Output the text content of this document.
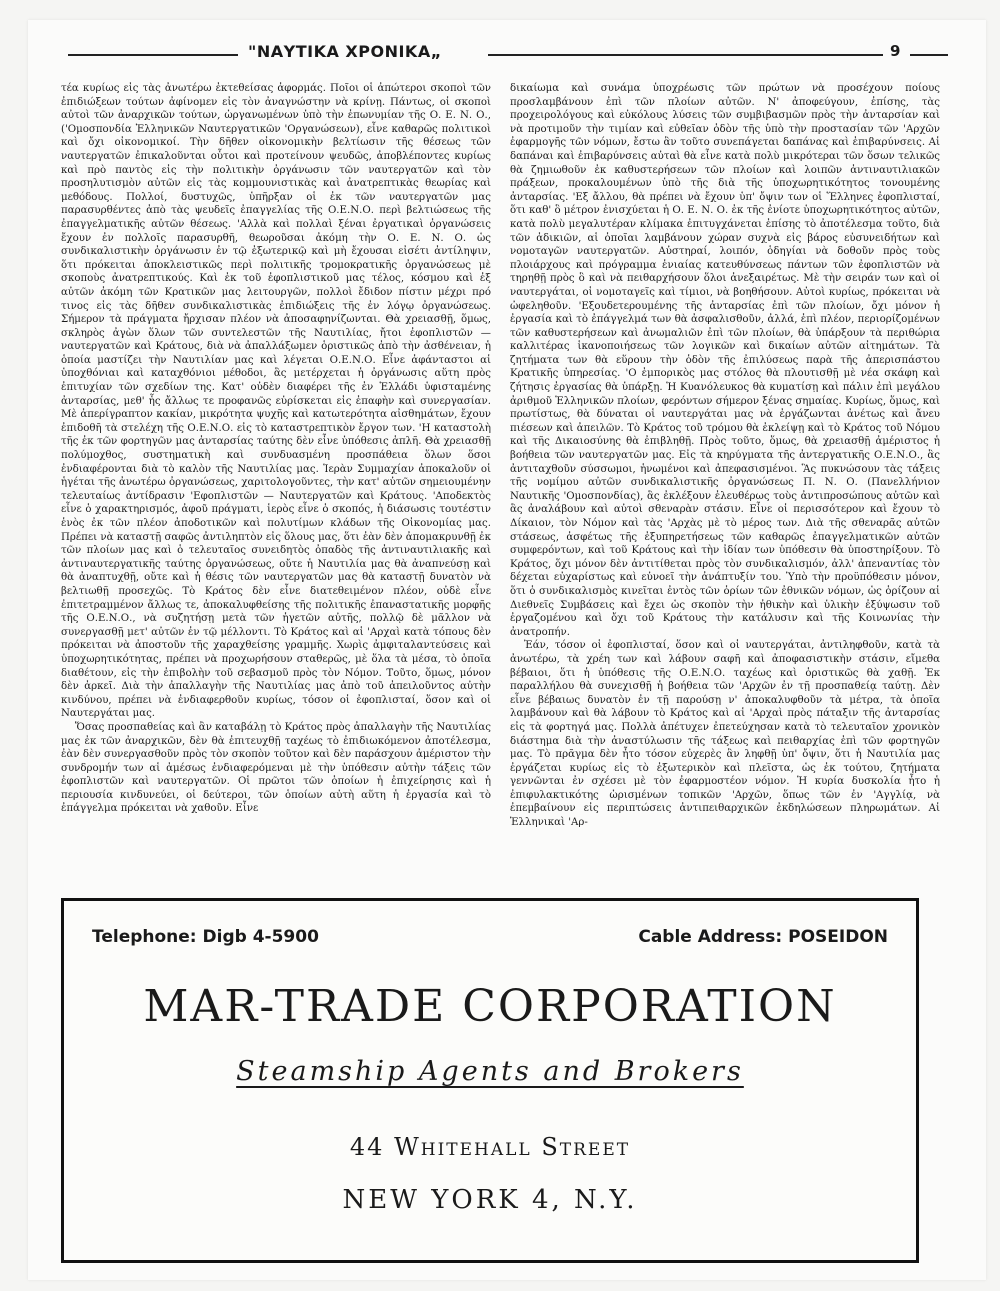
"ΝΑΥΤΙΚΑ ΧΡΟΝΙΚΑ„	9

τέα κυρίως εἰς τὰς ἀνωτέρω ἐκτεθείσας ἀφορμάς. Ποῖοι οἱ ἀπώτεροι σκοποὶ τῶν ἐπιδιώξεων τούτων ἀφίνομεν εἰς τὸν ἀναγνώστην νὰ κρίνῃ. Πάντως, οἱ σκοποὶ αὐτοὶ τῶν ἀναρχικῶν τούτων, ὠργανωμένων ὑπὸ τὴν ἐπωνυμίαν τῆς Ο. Ε. Ν. Ο., ('Ομοσπονδία Ἑλληνικῶν Ναυτεργατικῶν 'Οργανώσεων), εἶνε καθαρῶς πολιτικοὶ καὶ ὄχι οἰκονομικοί. Τὴν δῆθεν οἰκονομικὴν βελτίωσιν τῆς θέσεως τῶν ναυτεργατῶν ἐπικαλοῦνται οὗτοι καὶ προτείνουν ψευδῶς, ἀποβλέποντες κυρίως καὶ πρὸ παντὸς εἰς τὴν πολιτικὴν ὀργάνωσιν τῶν ναυτεργατῶν καὶ τὸν προσηλυτισμὸν αὐτῶν εἰς τὰς κομμουνιστικὰς καὶ ἀνατρεπτικὰς θεωρίας καὶ μεθόδους. Πολλοί, δυστυχῶς, ὑπῆρξαν οἱ ἐκ τῶν ναυτεργατῶν μας παρασυρθέντες ἀπὸ τὰς ψευδεῖς ἐπαγγελίας τῆς Ο.Ε.Ν.Ο. περὶ βελτιώσεως τῆς ἐπαγγελματικῆς αὐτῶν θέσεως. 'Αλλὰ καὶ πολλαὶ ξέναι ἐργατικαὶ ὀργανώσεις ἔχουν ἐν πολλοῖς παρασυρθῆ, θεωροῦσαι ἀκόμη τὴν Ο. Ε. Ν. Ο. ὡς συνδικαλιστικὴν ὀργάνωσιν ἐν τῷ ἐξωτερικῷ καὶ μὴ ἔχουσαι εἰσέτι ἀντίληψιν, ὅτι πρόκειται ἀποκλειστικῶς περὶ πολιτικῆς τρομοκρατικῆς ὀργανώσεως μὲ σκοποὺς ἀνατρεπτικούς. Καὶ ἐκ τοῦ ἐφοπλιστικοῦ μας τέλος, κόσμου καὶ ἐξ αὐτῶν ἀκόμη τῶν Κρατικῶν μας λειτουργῶν, πολλοὶ ἔδιδον πίστιν μέχρι πρό τινος εἰς τὰς δῆθεν συνδικαλιστικὰς ἐπιδιώξεις τῆς ἐν λόγῳ ὀργανώσεως. Σήμερον τὰ πράγματα ἤρχισαν πλέον νὰ ἀποσαφηνίζωνται. Θὰ χρειασθῇ, ὅμως, σκληρὸς ἀγὼν ὅλων τῶν συντελεστῶν τῆς Ναυτιλίας, ἤτοι ἐφοπλιστῶν — ναυτεργατῶν καὶ Κράτους, διὰ νὰ ἀπαλλάξωμεν ὁριστικῶς ἀπὸ τὴν ἀσθένειαν, ἡ ὁποία μαστίζει τὴν Ναυτιλίαν μας καὶ λέγεται Ο.Ε.Ν.Ο. Εἶνε ἀφάνταστοι αἱ ὑποχθόνιαι καὶ καταχθόνιοι μέθοδοι, ἃς μετέρχεται ἡ ὀργάνωσις αὕτη πρὸς ἐπιτυχίαν τῶν σχεδίων της. Κατ' οὐδὲν διαφέρει τῆς ἐν Ἑλλάδι ὑφισταμένης ἀνταρσίας, μεθ' ἧς ἄλλως τε προφανῶς εὑρίσκεται εἰς ἐπαφὴν καὶ συνεργασίαν. Μὲ ἀπερίγραπτον κακίαν, μικρότητα ψυχῆς καὶ κατωτερότητα αἰσθημάτων, ἔχουν ἐπιδοθῆ τὰ στελέχη τῆς Ο.Ε.Ν.Ο. εἰς τὸ καταστρεπτικὸν ἔργον των. 'Η καταστολὴ τῆς ἐκ τῶν φορτηγῶν μας ἀνταρσίας ταύτης δὲν εἶνε ὑπόθεσις ἁπλῆ. Θὰ χρειασθῇ πολύμοχθος, συστηματικὴ καὶ συνδυασμένη προσπάθεια ὅλων ὅσοι ἐνδιαφέρονται διὰ τὸ καλὸν τῆς Ναυτιλίας μας. Ἱερὰν Συμμαχίαν ἀποκαλοῦν οἱ ἡγέται τῆς ἀνωτέρω ὀργανώσεως, χαριτολογοῦντες, τὴν κατ' αὐτῶν σημειουμένην τελευταίως ἀντίδρασιν 'Εφοπλιστῶν — Ναυτεργατῶν καὶ Κράτους. 'Αποδεκτὸς εἶνε ὁ χαρακτηρισμός, ἀφοῦ πράγματι, ἱερὸς εἶνε ὁ σκοπός, ἡ διάσωσις τουτέστιν ἑνὸς ἐκ τῶν πλέον ἀποδοτικῶν καὶ πολυτίμων κλάδων τῆς Οἰκονομίας μας. Πρέπει νὰ καταστῇ σαφῶς ἀντιληπτὸν εἰς ὅλους μας, ὅτι ἐὰν δὲν ἀπομακρυνθῇ ἐκ τῶν πλοίων μας καὶ ὁ τελευταῖος συνειδητὸς ὀπαδὸς τῆς ἀντιναυτιλιακῆς καὶ ἀντιναυτεργατικῆς ταύτης ὀργανώσεως, οὔτε ἡ Ναυτιλία μας θὰ ἀναπνεύσῃ καὶ θὰ ἀναπτυχθῇ, οὔτε καὶ ἡ θέσις τῶν ναυτεργατῶν μας θὰ καταστῇ δυνατὸν νὰ βελτιωθῇ προσεχῶς. Τὸ Κράτος δὲν εἶνε διατεθειμένον πλέον, οὐδὲ εἶνε ἐπιτετραμμένον ἄλλως τε, ἀποκαλυφθείσης τῆς πολιτικῆς ἐπαναστατικῆς μορφῆς τῆς Ο.Ε.Ν.Ο., νὰ συζητήσῃ μετὰ τῶν ἡγετῶν αὐτῆς, πολλῷ δὲ μᾶλλον νὰ συνεργασθῇ μετ' αὐτῶν ἐν τῷ μέλλοντι. Τὸ Κράτος καὶ αἱ 'Αρχαὶ κατὰ τόπους δὲν πρόκειται νὰ ἀποστοῦν τῆς χαραχθείσης γραμμῆς. Χωρὶς ἀμφιταλαντεύσεις καὶ ὑποχωρητικότητας, πρέπει νὰ προχωρήσουν σταθερῶς, μὲ ὅλα τὰ μέσα, τὸ ὁποῖα διαθέτουν, εἰς τὴν ἐπιβολὴν τοῦ σεβασμοῦ πρὸς τὸν Νόμον. Τοῦτο, ὅμως, μόνον δὲν ἀρκεῖ. Διὰ τὴν ἀπαλλαγὴν τῆς Ναυτιλίας μας ἀπὸ τοῦ ἀπειλοῦντος αὐτὴν κινδύνου, πρέπει νὰ ἐνδιαφερθοῦν κυρίως, τόσον οἱ ἐφοπλισταί, ὅσον καὶ οἱ Ναυτεργάται μας.

Ὅσας προσπαθείας καὶ ἂν καταβάλῃ τὸ Κράτος πρὸς ἀπαλλαγὴν τῆς Ναυτιλίας μας ἐκ τῶν ἀναρχικῶν, δὲν θὰ ἐπιτευχθῇ ταχέως τὸ ἐπιδιωκόμενον ἀποτέλεσμα, ἐὰν δὲν συνεργασθοῦν πρὸς τὸν σκοπὸν τοῦτον καὶ δὲν παράσχουν ἀμέριστον τὴν συνδρομήν των αἱ ἀμέσως ἐνδιαφερόμεναι μὲ τὴν ὑπόθεσιν αὐτὴν τάξεις τῶν ἐφοπλιστῶν καὶ ναυτεργατῶν. Οἱ πρῶτοι τῶν ὁποίων ἡ ἐπιχείρησις καὶ ἡ περιουσία κινδυνεύει, οἱ δεύτεροι, τῶν ὁποίων αὐτὴ αὕτη ἡ ἐργασία καὶ τὸ ἐπάγγελμα πρόκειται νὰ χαθοῦν. Εἶνε

δικαίωμα καὶ συνάμα ὑποχρέωσις τῶν πρώτων νὰ προσέχουν ποίους προσλαμβάνουν ἐπὶ τῶν πλοίων αὐτῶν. Ν' ἀποφεύγουν, ἐπίσης, τὰς προχειρολόγους καὶ εὐκόλους λύσεις τῶν συμβιβασμῶν πρὸς τὴν ἀνταρσίαν καὶ νὰ προτιμοῦν τὴν τιμίαν καὶ εὐθεῖαν ὁδὸν τῆς ὑπὸ τὴν προστασίαν τῶν 'Αρχῶν ἐφαρμογῆς τῶν νόμων, ἔστω ἂν τοῦτο συνεπάγεται δαπάνας καὶ ἐπιβαρύνσεις. Αἱ δαπάναι καὶ ἐπιβαρύνσεις αὐταὶ θὰ εἶνε κατὰ πολὺ μικρότεραι τῶν ὅσων τελικῶς θὰ ζημιωθοῦν ἐκ καθυστερήσεων τῶν πλοίων καὶ λοιπῶν ἀντιναυτιλιακῶν πράξεων, προκαλουμένων ὑπὸ τῆς διὰ τῆς ὑποχωρητικότητος τονουμένης ἀνταρσίας. 'Εξ ἄλλου, θὰ πρέπει νὰ ἔχουν ὑπ' ὄψιν των οἱ Ἕλληνες ἐφοπλισταί, ὅτι καθ' ὃ μέτρον ἐνισχύεται ἡ Ο. Ε. Ν. Ο. ἐκ τῆς ἐνίοτε ὑποχωρητικότητος αὐτῶν, κατὰ πολὺ μεγαλυτέραν κλίμακα ἐπιτυγχάνεται ἐπίσης τὸ ἀποτέλεσμα τοῦτο, διὰ τῶν ἀδικιῶν, αἱ ὁποῖαι λαμβάνουν χώραν συχνὰ εἰς βάρος εὐσυνειδήτων καὶ νομοταγῶν ναυτεργατῶν. Αὐστηραί, λοιπόν, ὁδηγίαι νὰ δοθοῦν πρὸς τοὺς πλοιάρχους καὶ πρόγραμμα ἑνιαίας κατευθύνσεως πάντων τῶν ἐφοπλιστῶν νὰ τηρηθῇ πρὸς ὃ καὶ νὰ πειθαρχήσουν ὅλοι ἀνεξαιρέτως. Μὲ τὴν σειράν των καὶ οἱ ναυτεργάται, οἱ νομοταγεῖς καὶ τίμιοι, νὰ βοηθήσουν. Αὐτοὶ κυρίως, πρόκειται νὰ ὠφεληθοῦν. 'Εξουδετερουμένης τῆς ἀνταρσίας ἐπὶ τῶν πλοίων, ὄχι μόνον ἡ ἐργασία καὶ τὸ ἐπάγγελμά των θὰ ἀσφαλισθοῦν, ἀλλά, ἐπὶ πλέον, περιορίζομένων τῶν καθυστερήσεων καὶ ἀνωμαλιῶν ἐπὶ τῶν πλοίων, θὰ ὑπάρξουν τὰ περιθώρια καλλιτέρας ἱκανοποιήσεως τῶν λογικῶν καὶ δικαίων αὐτῶν αἰτημάτων. Τὰ ζητήματα των θὰ εὕρουν τὴν ὁδὸν τῆς ἐπιλύσεως παρὰ τῆς ἀπερισπάστου Κρατικῆς ὑπηρεσίας. 'Ο ἐμπορικὸς μας στόλος θὰ πλουτισθῇ μὲ νέα σκάφη καὶ ζήτησις ἐργασίας θὰ ὑπάρξῃ. Ἡ Κυανόλευκος θὰ κυματίσῃ καὶ πάλιν ἐπὶ μεγάλου ἀριθμοῦ Ἑλληνικῶν πλοίων, φερόντων σήμερον ξένας σημαίας. Κυρίως, ὅμως, καὶ πρωτίστως, θὰ δύναται οἱ ναυτεργάται μας νὰ ἐργάζωνται ἀνέτως καὶ ἄνευ πιέσεων καὶ ἀπειλῶν. Τὸ Κράτος τοῦ τρόμου θὰ ἐκλείψῃ καὶ τὸ Κράτος τοῦ Νόμου καὶ τῆς Δικαιοσύνης θὰ ἐπιβληθῇ. Πρὸς τοῦτο, ὅμως, θὰ χρειασθῇ ἀμέριστος ἡ βοήθεια τῶν ναυτεργατῶν μας. Εἰς τὰ κηρύγματα τῆς ἀντεργατικῆς Ο.Ε.Ν.Ο., ἃς ἀντιταχθοῦν σύσσωμοι, ἡνωμένοι καὶ ἀπεφασισμένοι. Ἃς πυκνώσουν τὰς τάξεις τῆς νομίμου αὐτῶν συνδικαλιστικῆς ὀργανώσεως Π. Ν. Ο. (Πανελλήνιον Ναυτικῆς 'Ομοσπονδίας), ἃς ἐκλέξουν ἐλευθέρως τοὺς ἀντιπροσώπους αὐτῶν καὶ ἃς ἀναλάβουν καὶ αὐτοὶ σθεναρὰν στάσιν. Εἶνε οἱ περισσότερον καὶ ἔχουν τὸ Δίκαιον, τὸν Νόμον καὶ τὰς 'Αρχὰς μὲ τὸ μέρος των. Διὰ τῆς σθεναρᾶς αὐτῶν στάσεως, ἀσφέτως τῆς ἐξυπηρετήσεως τῶν καθαρῶς ἐπαγγελματικῶν αὐτῶν συμφερόντων, καὶ τοῦ Κράτους καὶ τὴν ἰδίαν των ὑπόθεσιν θὰ ὑποστηρίξουν. Τὸ Κράτος, ὅχι μόνον δὲν ἀντιτίθεται πρὸς τὸν συνδικαλισμόν, ἀλλ' ἀπεναντίας τὸν δέχεται εὐχαρίστως καὶ εὐνοεῖ τὴν ἀνάπτυξίν του. Ὑπὸ τὴν προϋπόθεσιν μόνον, ὅτι ὁ συνδικαλισμὸς κινεῖται ἐντὸς τῶν ὁρίων τῶν ἐθνικῶν νόμων, ὡς ὁρίζουν αἱ Διεθνεῖς Συμβάσεις καὶ ἔχει ὡς σκοπὸν τὴν ἠθικὴν καὶ ὑλικὴν ἐξύψωσιν τοῦ ἐργαζομένου καὶ ὄχι τοῦ Κράτους τὴν κατάλυσιν καὶ τῆς Κοινωνίας τὴν ἀνατροπήν.

Ἐάν, τόσον οἱ ἐφοπλισταί, ὅσον καὶ οἱ ναυτεργάται, ἀντιληφθοῦν, κατὰ τὰ ἀνωτέρω, τὰ χρέη των καὶ λάβουν σαφῆ καὶ ἀποφασιστικὴν στάσιν, εἴμεθα βέβαιοι, ὅτι ἡ ὑπόθεσις τῆς Ο.Ε.Ν.Ο. ταχέως καὶ ὁριστικῶς θὰ χαθῇ. Ἐκ παραλλήλου θὰ συνεχισθῇ ἡ βοήθεια τῶν 'Αρχῶν ἐν τῇ προσπαθείᾳ ταύτῃ. Δὲν εἶνε βέβαιως δυνατὸν ἐν τῇ παρούσῃ ν' ἀποκαλυφθοῦν τὰ μέτρα, τὰ ὁποῖα λαμβάνουν καὶ θὰ λάβουν τὸ Κράτος καὶ αἱ 'Αρχαὶ πρὸς πάταξιν τῆς ἀνταρσίας εἰς τὰ φορτηγά μας. Πολλὰ ἀπέτυχεν ἐπετεύχησαν κατὰ τὸ τελευταῖον χρονικὸν διάστημα διὰ τὴν ἀναστύλωσιν τῆς τάξεως καὶ πειθαρχίας ἐπὶ τῶν φορτηγῶν μας. Τὸ πρᾶγμα δὲν ἦτο τόσον εὐχερὲς ἂν ληφθῇ ὑπ' ὄψιν, ὅτι ἡ Ναυτιλία μας ἐργάζεται κυρίως εἰς τὸ ἐξωτερικὸν καὶ πλεῖστα, ὡς ἐκ τούτου, ζητήματα γεννῶνται ἐν σχέσει μὲ τὸν ἐφαρμοστέον νόμον. Ἡ κυρία δυσκολία ἦτο ἡ ἐπιφυλακτικότης ὡρισμένων τοπικῶν 'Αρχῶν, ὅπως τῶν ἐν 'Αγγλίᾳ, νὰ ἐπεμβαίνουν εἰς περιπτώσεις ἀντιπειθαρχικῶν ἐκδηλώσεων πληρωμάτων. Αἱ Ἑλληνικαὶ 'Αρ-

Telephone: Digb 4-5900	Cable Address: POSEIDON
MAR-TRADE CORPORATION
Steamship Agents and Brokers
44 Whitehall Street
NEW YORK 4, N.Y.
